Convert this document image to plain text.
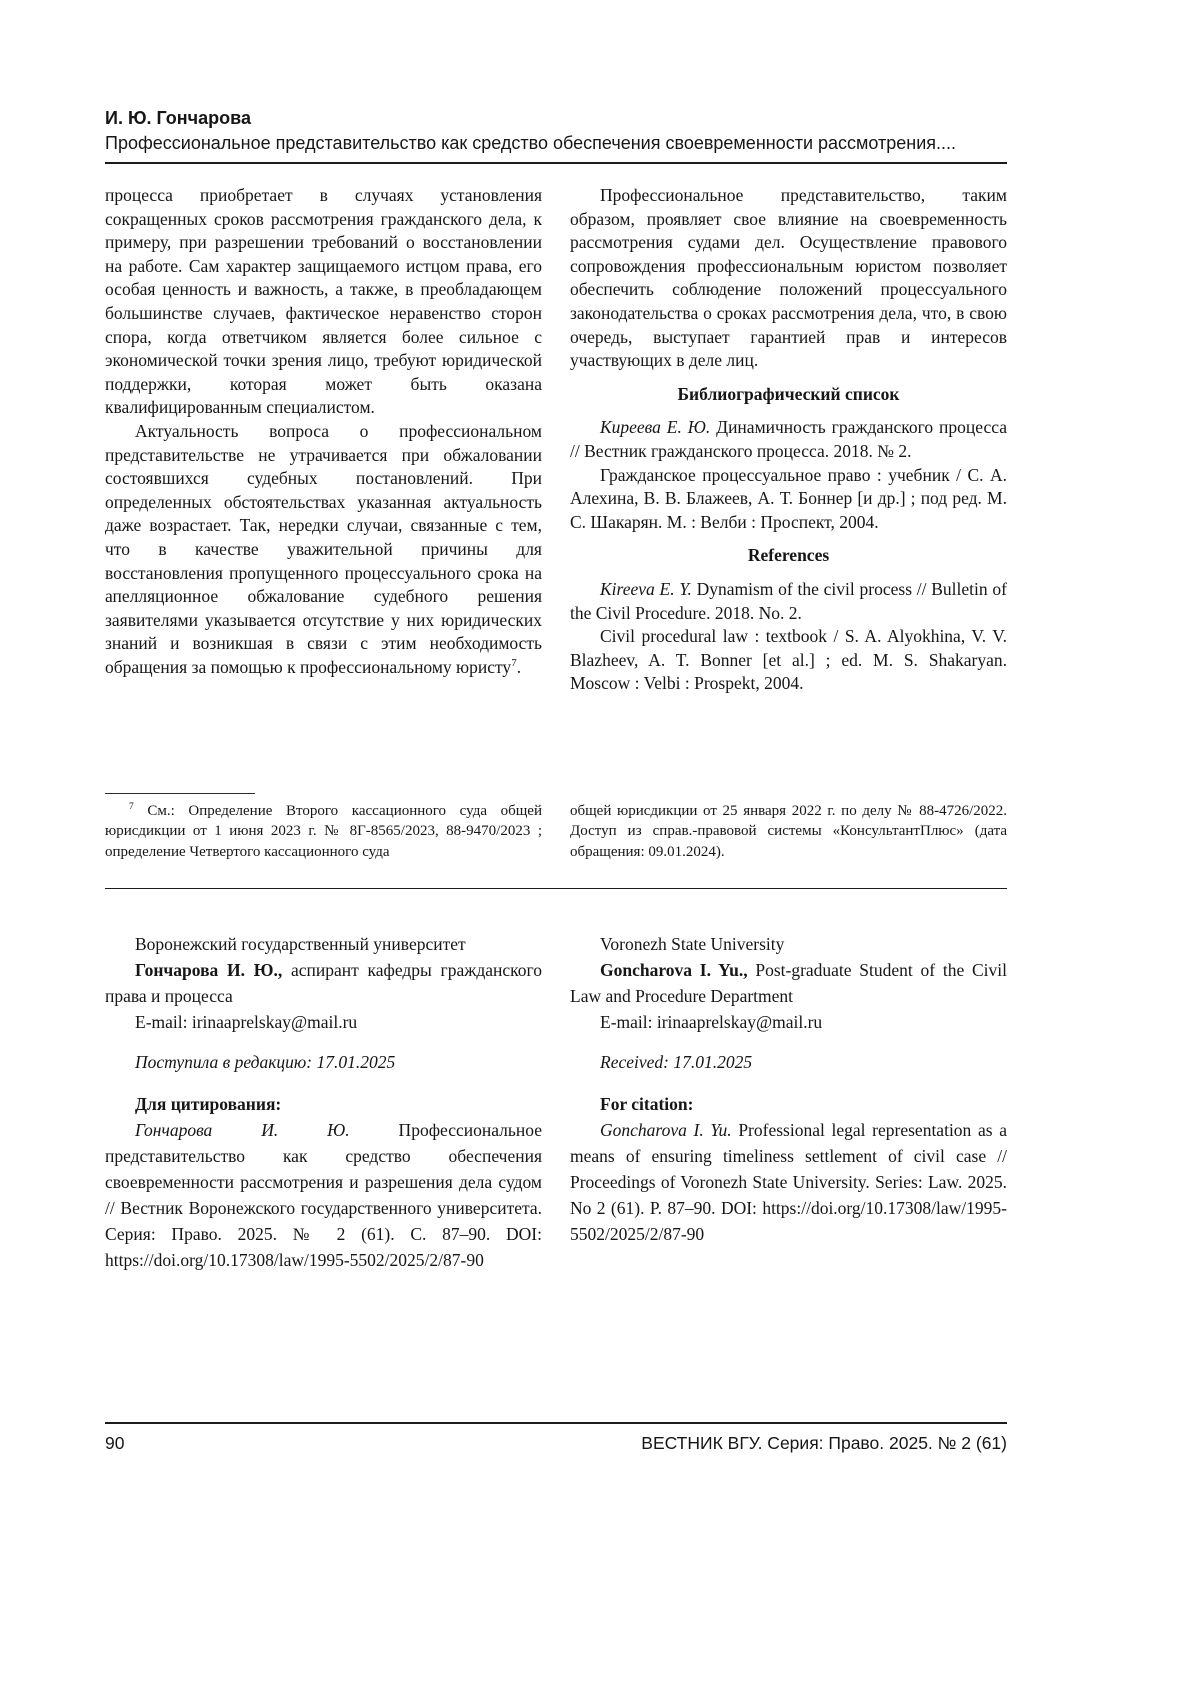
И. Ю. Гончарова
Профессиональное представительство как средство обеспечения своевременности рассмотрения....

процесса приобретает в случаях установления сокращенных сроков рассмотрения гражданского дела, к примеру, при разрешении требований о восстановлении на работе. Сам характер защищаемого истцом права, его особая ценность и важность, а также, в преобладающем большинстве случаев, фактическое неравенство сторон спора, когда ответчиком является более сильное с экономической точки зрения лицо, требуют юридической поддержки, которая может быть оказана квалифицированным специалистом.

Актуальность вопроса о профессиональном представительстве не утрачивается при обжаловании состоявшихся судебных постановлений. При определенных обстоятельствах указанная актуальность даже возрастает. Так, нередки случаи, связанные с тем, что в качестве уважительной причины для восстановления пропущенного процессуального срока на апелляционное обжалование судебного решения заявителями указывается отсутствие у них юридических знаний и возникшая в связи с этим необходимость обращения за помощью к профессиональному юристу$^7$.

$^7$ См.: Определение Второго кассационного суда общей юрисдикции от 1 июня 2023 г. № 8Г-8565/2023, 88-9470/2023 ; определение Четвертого кассационного суда

Профессиональное представительство, таким образом, проявляет свое влияние на своевременность рассмотрения судами дел. Осуществление правового сопровождения профессиональным юристом позволяет обеспечить соблюдение положений процессуального законодательства о сроках рассмотрения дела, что, в свою очередь, выступает гарантией прав и интересов участвующих в деле лиц.

Библиографический список

Киреева Е. Ю. Динамичность гражданского процесса // Вестник гражданского процесса. 2018. № 2.

Гражданское процессуальное право : учебник / С. А. Алехина, В. В. Блажеев, А. Т. Боннер [и др.] ; под ред. М. С. Шакарян. М. : Велби : Проспект, 2004.

References

Kireeva E. Y. Dynamism of the civil process // Bulletin of the Civil Procedure. 2018. No. 2.

Civil procedural law : textbook / S. A. Alyokhina, V. V. Blazheev, A. T. Bonner [et al.] ; ed. M. S. Shakaryan. Moscow : Velbi : Prospekt, 2004.

общей юрисдикции от 25 января 2022 г. по делу № 88-4726/2022. Доступ из справ.-правовой системы «КонсультантПлюс» (дата обращения: 09.01.2024).

Воронежский государственный университет

Гончарова И. Ю., аспирант кафедры гражданского права и процесса

E-mail: irinaaprelskay@mail.ru

Поступила в редакцию: 17.01.2025

Для цитирования:

Гончарова И. Ю. Профессиональное представительство как средство обеспечения своевременности рассмотрения и разрешения дела судом // Вестник Воронежского государственного университета. Серия: Право. 2025. № 2 (61). С. 87–90. DOI: https://doi.org/10.17308/law/1995-5502/2025/2/87-90

Voronezh State University

Goncharova I. Yu., Post-graduate Student of the Civil Law and Procedure Department

E-mail: irinaaprelskay@mail.ru

Received: 17.01.2025

For citation:

Goncharova I. Yu. Professional legal representation as a means of ensuring timeliness settlement of civil case // Proceedings of Voronezh State University. Series: Law. 2025. No 2 (61). P. 87–90. DOI: https://doi.org/10.17308/law/1995-5502/2025/2/87-90

90	ВЕСТНИК ВГУ. Серия: Право. 2025. № 2 (61)
